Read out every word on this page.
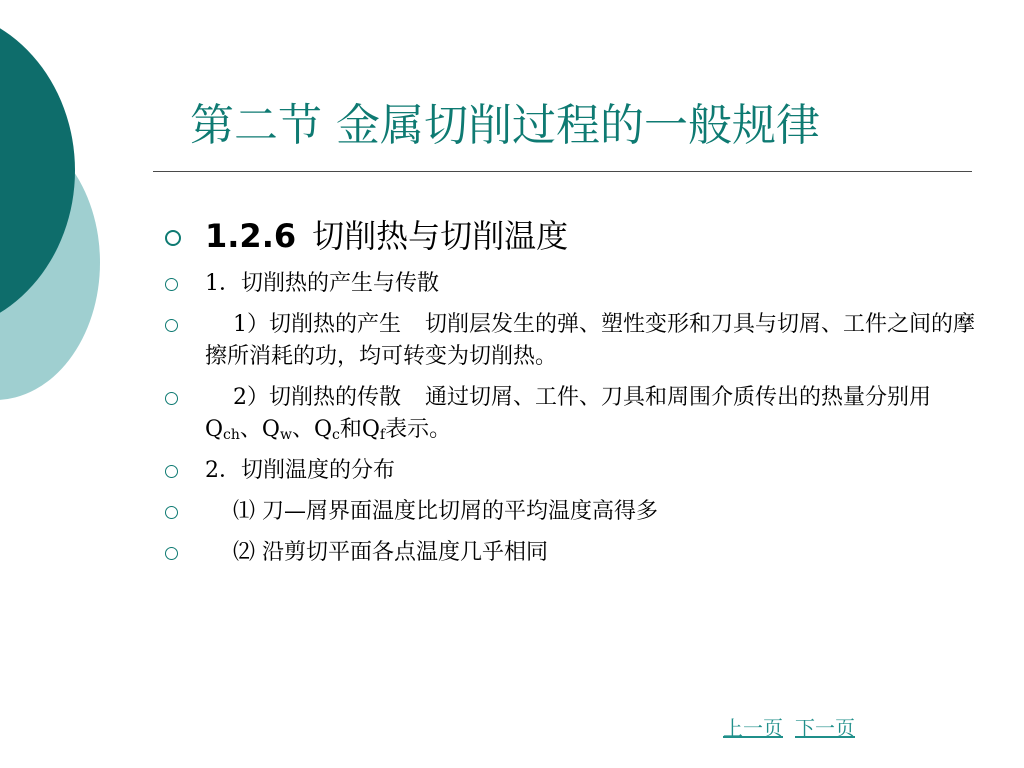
第二节 金属切削过程的一般规律
1.2.6 切削热与切削温度
1．切削热的产生与传散
1）切削热的产生 切削层发生的弹、塑性变形和刀具与切屑、工件之间的摩擦所消耗的功，均可转变为切削热。
2）切削热的传散 通过切屑、工件、刀具和周围介质传出的热量分别用$Q_{ch}$、$Q_w$、$Q_c$和$Q_f$表示。
2．切削温度的分布
⑴ 刀—屑界面温度比切屑的平均温度高得多
⑵ 沿剪切平面各点温度几乎相同
上一页 下一页
